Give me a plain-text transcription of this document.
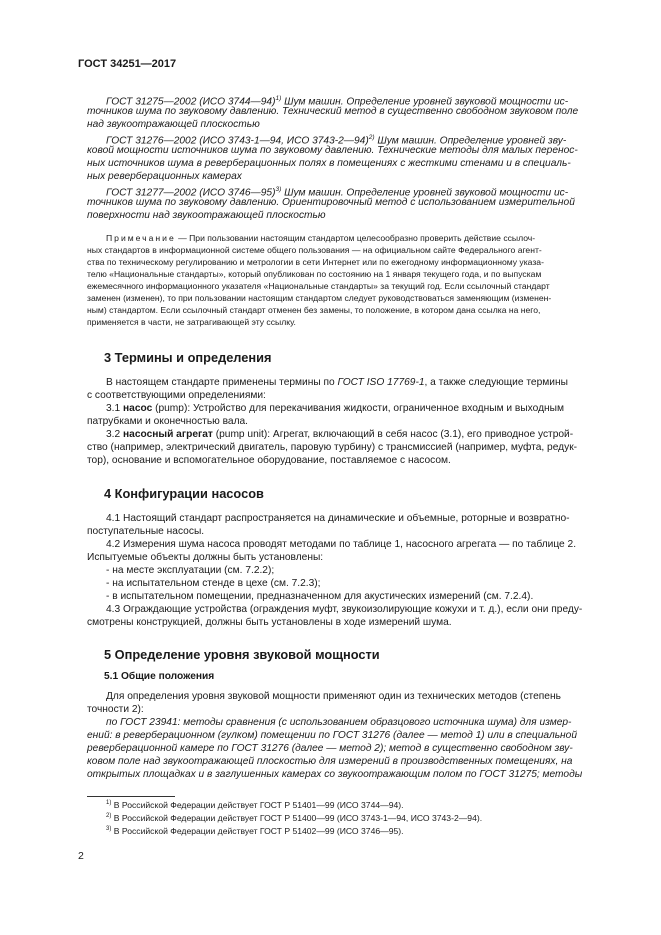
ГОСТ 34251—2017
ГОСТ 31275—2002 (ИСО 3744—94)$^{1)}$ Шум машин. Определение уровней звуковой мощности ис-
точников шума по звуковому давлению. Технический метод в существенно свободном звуковом поле
над звукоотражающей плоскостью
ГОСТ 31276—2002 (ИСО 3743-1—94, ИСО 3743-2—94)$^{2)}$ Шум машин. Определение уровней зву-
ковой мощности источников шума по звуковому давлению. Технические методы для малых перенос-
ных источников шума в реверберационных полях в помещениях с жесткими стенами и в специаль-
ных реверберационных камерах
ГОСТ 31277—2002 (ИСО 3746—95)$^{3)}$ Шум машин. Определение уровней звуковой мощности ис-
точников шума по звуковому давлению. Ориентировочный метод с использованием измерительной
поверхности над звукоотражающей плоскостью
Примечание — При пользовании настоящим стандартом целесообразно проверить действие ссылоч-
ных стандартов в информационной системе общего пользования — на официальном сайте Федерального агент-
ства по техническому регулированию и метрологии в сети Интернет или по ежегодному информационному указа-
телю «Национальные стандарты», который опубликован по состоянию на 1 января текущего года, и по выпускам
ежемесячного информационного указателя «Национальные стандарты» за текущий год. Если ссылочный стандарт
заменен (изменен), то при пользовании настоящим стандартом следует руководствоваться заменяющим (изменен-
ным) стандартом. Если ссылочный стандарт отменен без замены, то положение, в котором дана ссылка на него,
применяется в части, не затрагивающей эту ссылку.
3 Термины и определения
В настоящем стандарте применены термины по ГОСТ ISO 17769-1, а также следующие термины
с соответствующими определениями:
3.1 насос (pump): Устройство для перекачивания жидкости, ограниченное входным и выходным
патрубками и оконечностью вала.
3.2 насосный агрегат (pump unit): Агрегат, включающий в себя насос (3.1), его приводное устрой-
ство (например, электрический двигатель, паровую турбину) с трансмиссией (например, муфта, редук-
тор), основание и вспомогательное оборудование, поставляемое с насосом.
4 Конфигурации насосов
4.1 Настоящий стандарт распространяется на динамические и объемные, роторные и возвратно-
поступательные насосы.
4.2 Измерения шума насоса проводят методами по таблице 1, насосного агрегата — по таблице 2.
Испытуемые объекты должны быть установлены:
- на месте эксплуатации (см. 7.2.2);
- на испытательном стенде в цехе (см. 7.2.3);
- в испытательном помещении, предназначенном для акустических измерений (см. 7.2.4).
4.3 Ограждающие устройства (ограждения муфт, звукоизолирующие кожухи и т. д.), если они преду-
смотрены конструкцией, должны быть установлены в ходе измерений шума.
5 Определение уровня звуковой мощности
5.1 Общие положения
Для определения уровня звуковой мощности применяют один из технических методов (степень
точности 2):
по ГОСТ 23941: методы сравнения (с использованием образцового источника шума) для измер-
ений: в реверберационном (гулком) помещении по ГОСТ 31276 (далее — метод 1) или в специальной
реверберационной камере по ГОСТ 31276 (далее — метод 2); метод в существенно свободном зву-
ковом поле над звукоотражающей плоскостью для измерений в производственных помещениях, на
открытых площадках и в заглушенных камерах со звукоотражающим полом по ГОСТ 31275; методы
$^{1)}$ В Российской Федерации действует ГОСТ Р 51401—99 (ИСО 3744—94).
$^{2)}$ В Российской Федерации действует ГОСТ Р 51400—99 (ИСО 3743-1—94, ИСО 3743-2—94).
$^{3)}$ В Российской Федерации действует ГОСТ Р 51402—99 (ИСО 3746—95).
2
